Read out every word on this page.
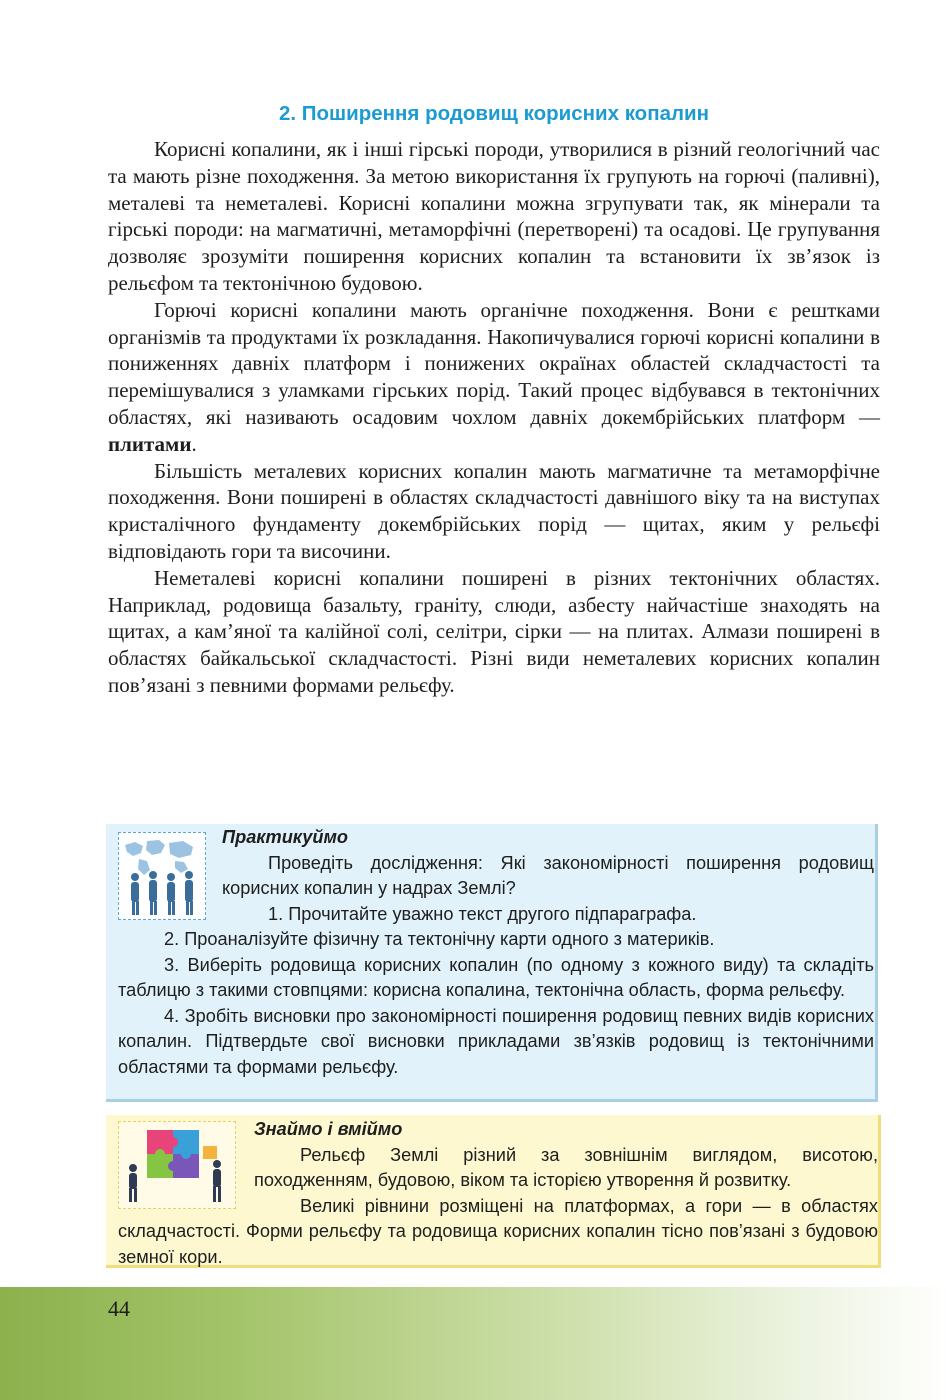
2. Поширення родовищ корисних копалин

Корисні копалини, як і інші гірські породи, утворилися в різний геологічний час та мають різне походження. За метою використання їх групують на горючі (паливні), металеві та неметалеві. Корисні копалини можна згрупувати так, як мінерали та гірські породи: на магматичні, метаморфічні (перетворені) та осадові. Це групування дозволяє зрозуміти поширення корисних копалин та встановити їх зв’язок із рельєфом та тектонічною будовою.

Горючі корисні копалини мають органічне походження. Вони є рештками організмів та продуктами їх розкладання. Накопичувалися горючі корисні копалини в пониженнях давніх платформ і понижених окраїнах областей складчастості та перемішувалися з уламками гірських порід. Такий процес відбувався в тектонічних областях, які називають осадовим чохлом давніх докембрійських платформ — плитами.

Більшість металевих корисних копалин мають магматичне та метаморфічне походження. Вони поширені в областях складчастості давнішого віку та на виступах кристалічного фундаменту докембрійських порід — щитах, яким у рельєфі відповідають гори та височини.

Неметалеві корисні копалини поширені в різних тектонічних областях. Наприклад, родовища базальту, граніту, слюди, азбесту найчастіше знаходять на щитах, а кам’яної та калійної солі, селітри, сірки — на плитах. Алмази поширені в областях байкальської складчастості. Різні види неметалевих корисних копалин пов’язані з певними формами рельєфу.

Практикуймо

Проведіть дослідження: Які закономірності поширення родовищ корисних копалин у надрах Землі?

1. Прочитайте уважно текст другого підпараграфа.

2. Проаналізуйте фізичну та тектонічну карти одного з материків.

3. Виберіть родовища корисних копалин (по одному з кожного виду) та складіть таблицю з такими стовпцями: корисна копалина, тектонічна область, форма рельєфу.

4. Зробіть висновки про закономірності поширення родовищ певних видів корисних копалин. Підтвердьте свої висновки прикладами зв’язків родовищ із тектонічними областями та формами рельєфу.

Знаймо і вміймо

Рельєф Землі різний за зовнішнім виглядом, висотою, походженням, будовою, віком та історією утворення й розвитку.

Великі рівнини розміщені на платформах, а гори — в областях складчастості. Форми рельєфу та родовища корисних копалин тісно пов’язані з будовою земної кори.

44
